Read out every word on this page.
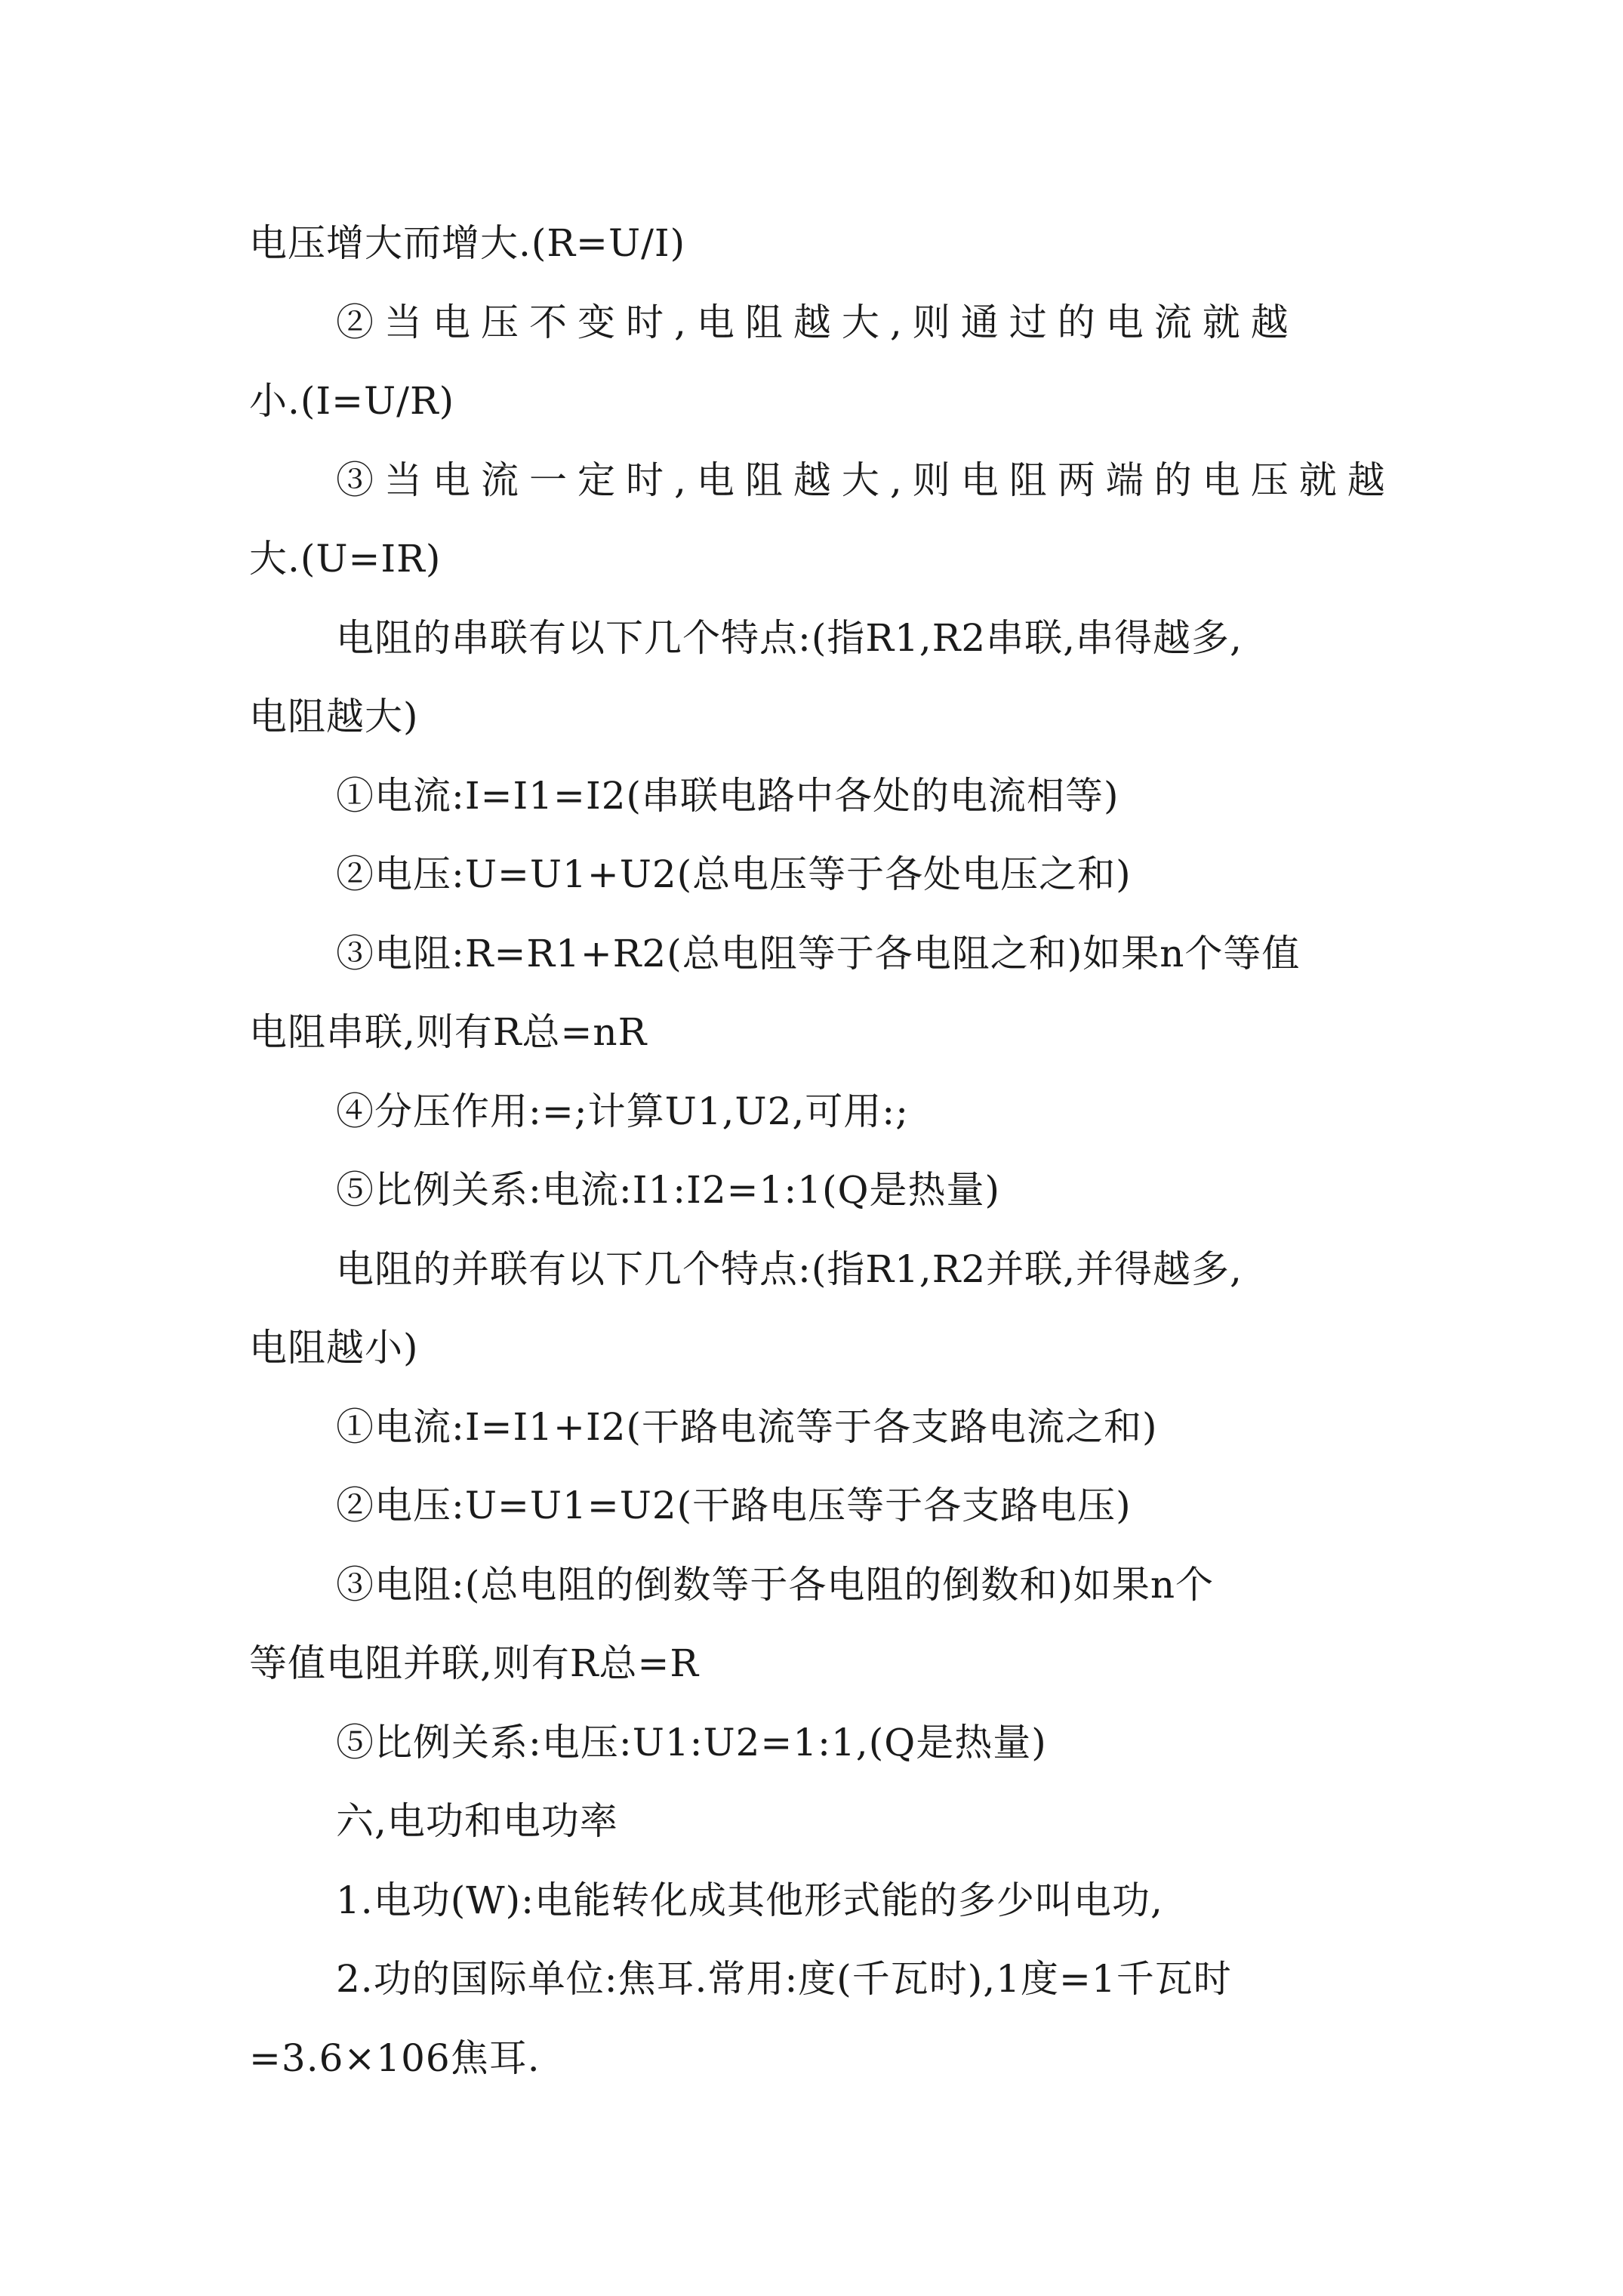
电压增大而增大.(R=U/I)
②当电压不变时,电阻越大,则通过的电流就越
小.(I=U/R)
③当电流一定时,电阻越大,则电阻两端的电压就越
大.(U=IR)
电阻的串联有以下几个特点:(指R1,R2串联,串得越多,
电阻越大)
①电流:I=I1=I2(串联电路中各处的电流相等)
②电压:U=U1+U2(总电压等于各处电压之和)
③电阻:R=R1+R2(总电阻等于各电阻之和)如果n个等值
电阻串联,则有R总=nR
④分压作用:=;计算U1,U2,可用:;
⑤比例关系:电流:I1:I2=1:1(Q是热量)
电阻的并联有以下几个特点:(指R1,R2并联,并得越多,
电阻越小)
①电流:I=I1+I2(干路电流等于各支路电流之和)
②电压:U=U1=U2(干路电压等于各支路电压)
③电阻:(总电阻的倒数等于各电阻的倒数和)如果n个
等值电阻并联,则有R总=R
⑤比例关系:电压:U1:U2=1:1,(Q是热量)
六,电功和电功率
1.电功(W):电能转化成其他形式能的多少叫电功,
2.功的国际单位:焦耳.常用:度(千瓦时),1度=1千瓦时
=3.6×106焦耳.
